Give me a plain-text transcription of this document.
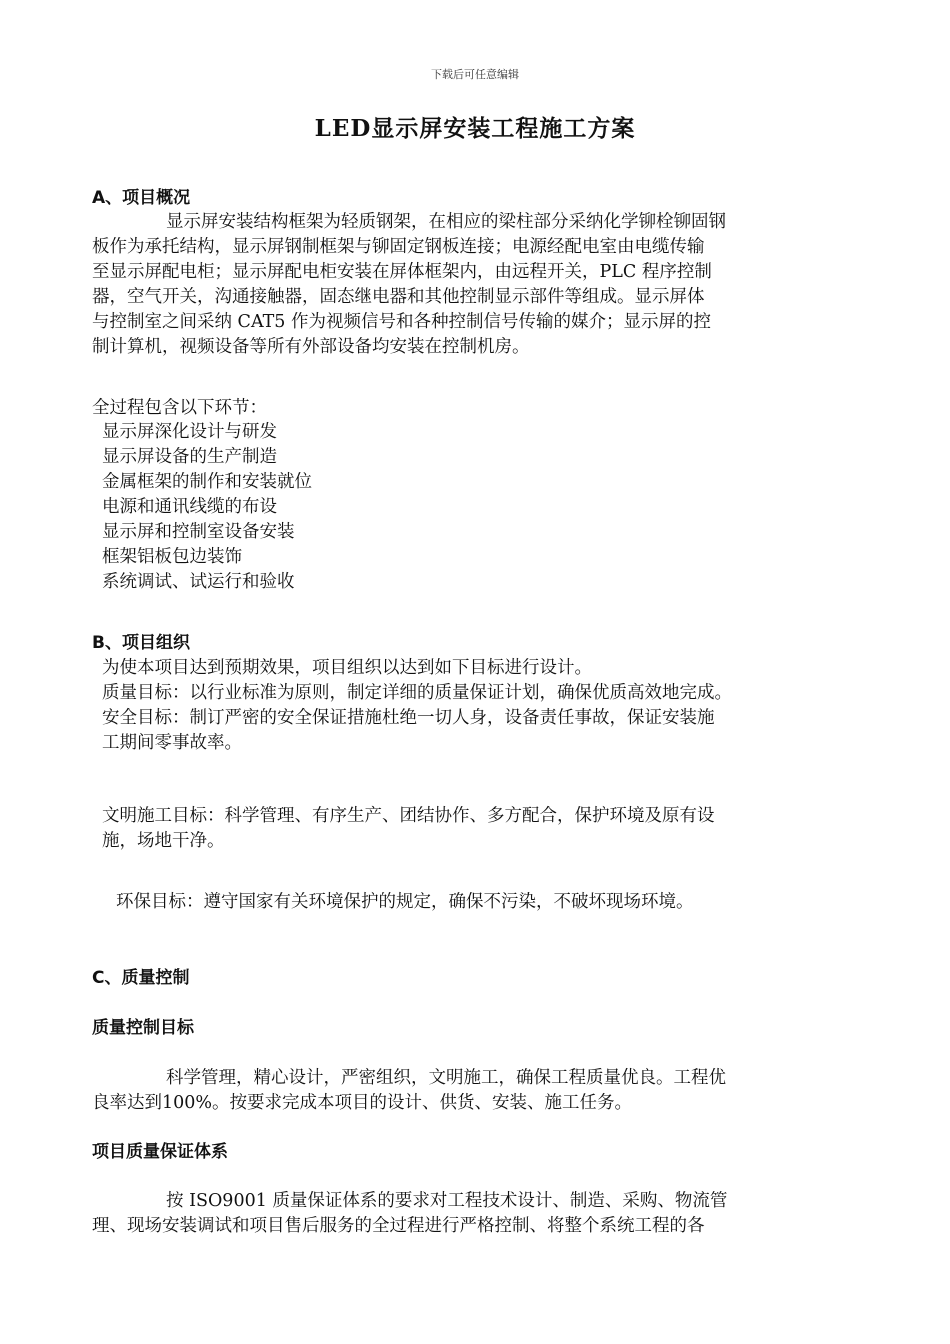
下载后可任意编辑
LED显示屏安装工程施工方案
A、项目概况
显示屏安装结构框架为轻质钢架，在相应的梁柱部分采纳化学铆栓铆固钢
板作为承托结构，显示屏钢制框架与铆固定钢板连接；电源经配电室由电缆传输
至显示屏配电柜；显示屏配电柜安装在屏体框架内，由远程开关，PLC 程序控制
器，空气开关，沟通接触器，固态继电器和其他控制显示部件等组成。显示屏体
与控制室之间采纳 CAT5 作为视频信号和各种控制信号传输的媒介；显示屏的控
制计算机，视频设备等所有外部设备均安装在控制机房。
全过程包含以下环节：
显示屏深化设计与研发
显示屏设备的生产制造
金属框架的制作和安装就位
电源和通讯线缆的布设
显示屏和控制室设备安装
框架铝板包边装饰
系统调试、试运行和验收
B、项目组织
为使本项目达到预期效果，项目组织以达到如下目标进行设计。
质量目标：以行业标准为原则，制定详细的质量保证计划，确保优质高效地完成。
安全目标：制订严密的安全保证措施杜绝一切人身，设备责任事故，保证安装施
工期间零事故率。
文明施工目标：科学管理、有序生产、团结协作、多方配合，保护环境及原有设
施，场地干净。
环保目标：遵守国家有关环境保护的规定，确保不污染，不破坏现场环境。
C、质量控制
质量控制目标
科学管理，精心设计，严密组织，文明施工，确保工程质量优良。工程优
良率达到100%。按要求完成本项目的设计、供货、安装、施工任务。
项目质量保证体系
按 ISO9001 质量保证体系的要求对工程技术设计、制造、采购、物流管
理、现场安装调试和项目售后服务的全过程进行严格控制、将整个系统工程的各
